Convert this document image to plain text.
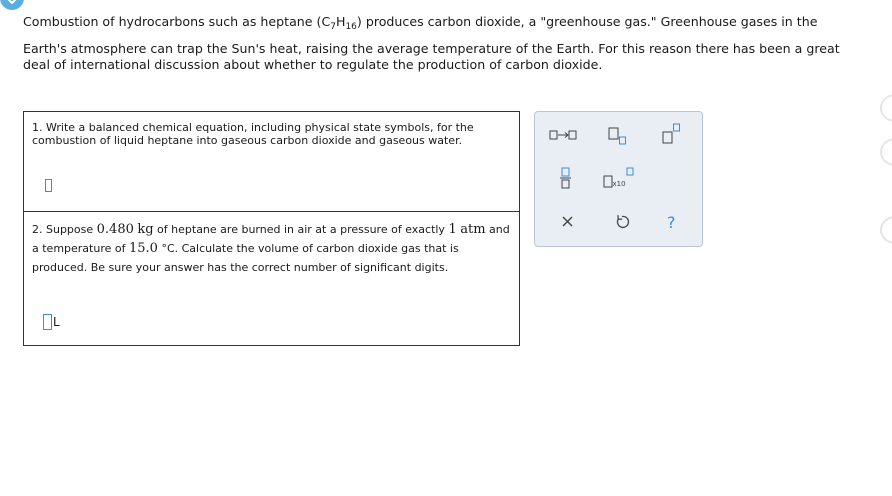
Combustion of hydrocarbons such as heptane $(C_7H_{16})$ produces carbon dioxide, a "greenhouse gas." Greenhouse gases in the

Earth's atmosphere can trap the Sun's heat, raising the average temperature of the Earth. For this reason there has been a great deal of international discussion about whether to regulate the production of carbon dioxide.

1. Write a balanced chemical equation, including physical state symbols, for the combustion of liquid heptane into gaseous carbon dioxide and gaseous water.
2. Suppose 0.480 kg of heptane are burned in air at a pressure of exactly 1 atm and a temperature of 15.0 °C. Calculate the volume of carbon dioxide gas that is produced. Be sure your answer has the correct number of significant digits.
L
x10
?
